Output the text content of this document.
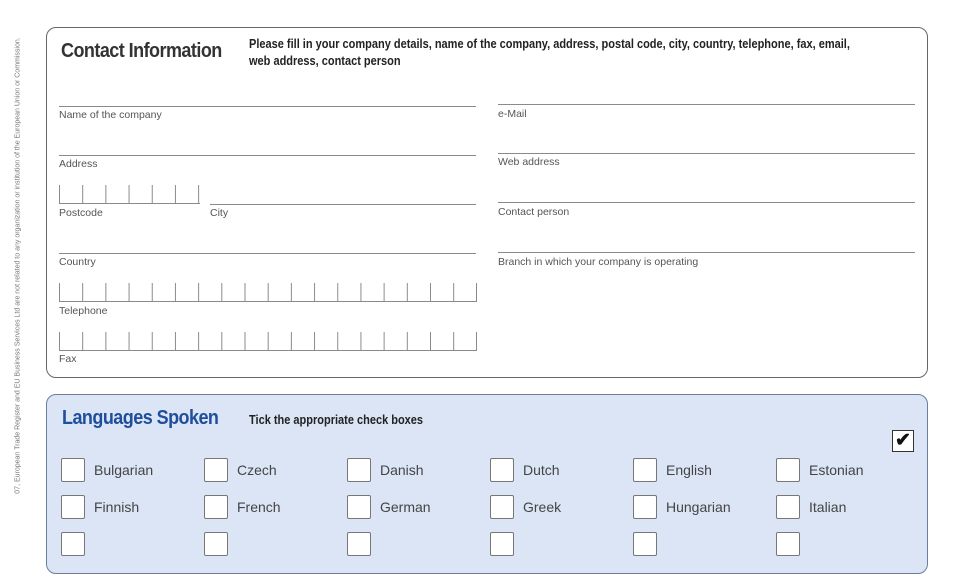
07, European Trade Register and EU Business Services Ltd are not related to any organization or institution of the European Union or Commission. Contact Information Please fill in your company details, name of the company, address, postal code, city, country, telephone, fax, email, web address, contact person
Name of the company
Address
Postcode	City
Country
Telephone
Fax
e-Mail
Web address
Contact person
Branch in which your company is operating
Languages Spoken Tick the appropriate check boxes
✔
Bulgarian	Czech	Danish	Dutch	English	Estonian
Finnish	French	German	Greek	Hungarian	Italian
